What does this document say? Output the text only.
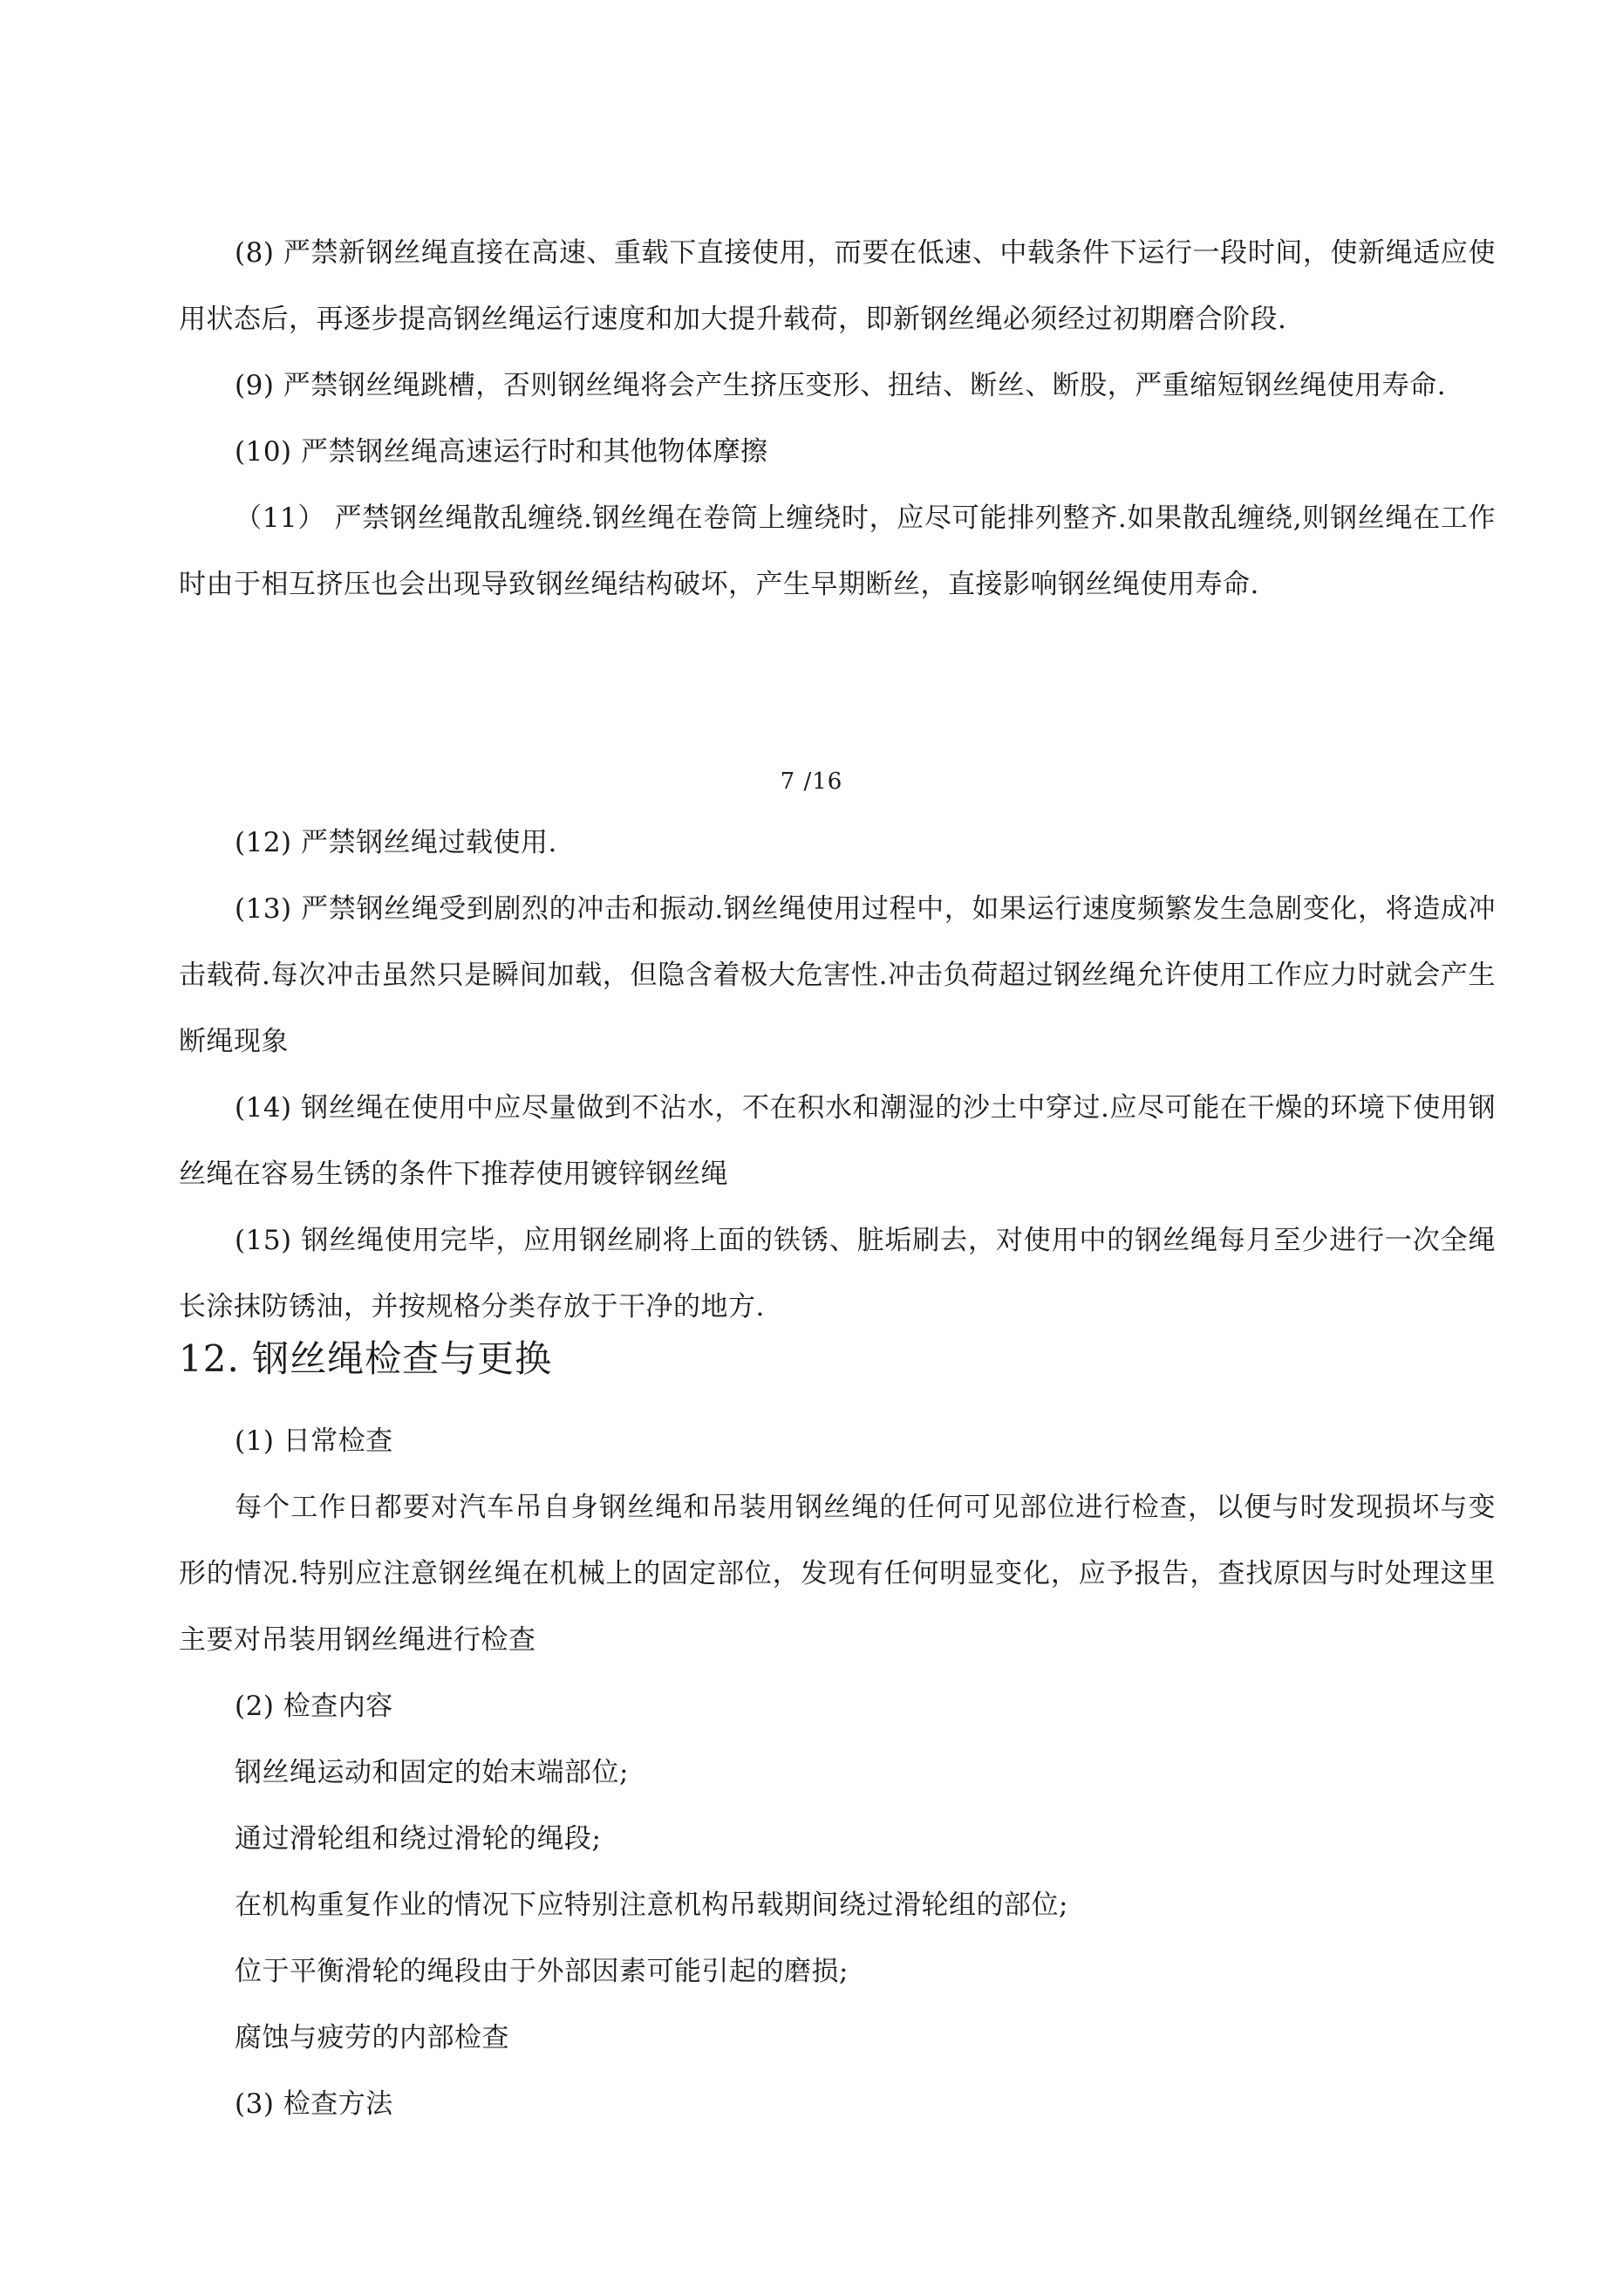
(8) 严禁新钢丝绳直接在高速、重载下直接使用，而要在低速、中载条件下运行一段时间，使新绳适应使用状态后，再逐步提高钢丝绳运行速度和加大提升载荷，即新钢丝绳必须经过初期磨合阶段.

(9) 严禁钢丝绳跳槽，否则钢丝绳将会产生挤压变形、扭结、断丝、断股，严重缩短钢丝绳使用寿命.

(10) 严禁钢丝绳高速运行时和其他物体摩擦

（11） 严禁钢丝绳散乱缠绕.钢丝绳在卷筒上缠绕时，应尽可能排列整齐.如果散乱缠绕,则钢丝绳在工作时由于相互挤压也会出现导致钢丝绳结构破坏，产生早期断丝，直接影响钢丝绳使用寿命.

7 /16

(12) 严禁钢丝绳过载使用.

(13) 严禁钢丝绳受到剧烈的冲击和振动.钢丝绳使用过程中，如果运行速度频繁发生急剧变化，将造成冲击载荷.每次冲击虽然只是瞬间加载，但隐含着极大危害性.冲击负荷超过钢丝绳允许使用工作应力时就会产生断绳现象

(14) 钢丝绳在使用中应尽量做到不沾水，不在积水和潮湿的沙土中穿过.应尽可能在干燥的环境下使用钢丝绳在容易生锈的条件下推荐使用镀锌钢丝绳

(15) 钢丝绳使用完毕，应用钢丝刷将上面的铁锈、脏垢刷去，对使用中的钢丝绳每月至少进行一次全绳长涂抹防锈油，并按规格分类存放于干净的地方.

12. 钢丝绳检查与更换

(1) 日常检查

每个工作日都要对汽车吊自身钢丝绳和吊装用钢丝绳的任何可见部位进行检查，以便与时发现损坏与变形的情况.特别应注意钢丝绳在机械上的固定部位，发现有任何明显变化，应予报告，查找原因与时处理这里主要对吊装用钢丝绳进行检查

(2) 检查内容

钢丝绳运动和固定的始末端部位;

通过滑轮组和绕过滑轮的绳段;

在机构重复作业的情况下应特别注意机构吊载期间绕过滑轮组的部位;

位于平衡滑轮的绳段由于外部因素可能引起的磨损;

腐蚀与疲劳的内部检查

(3) 检查方法
